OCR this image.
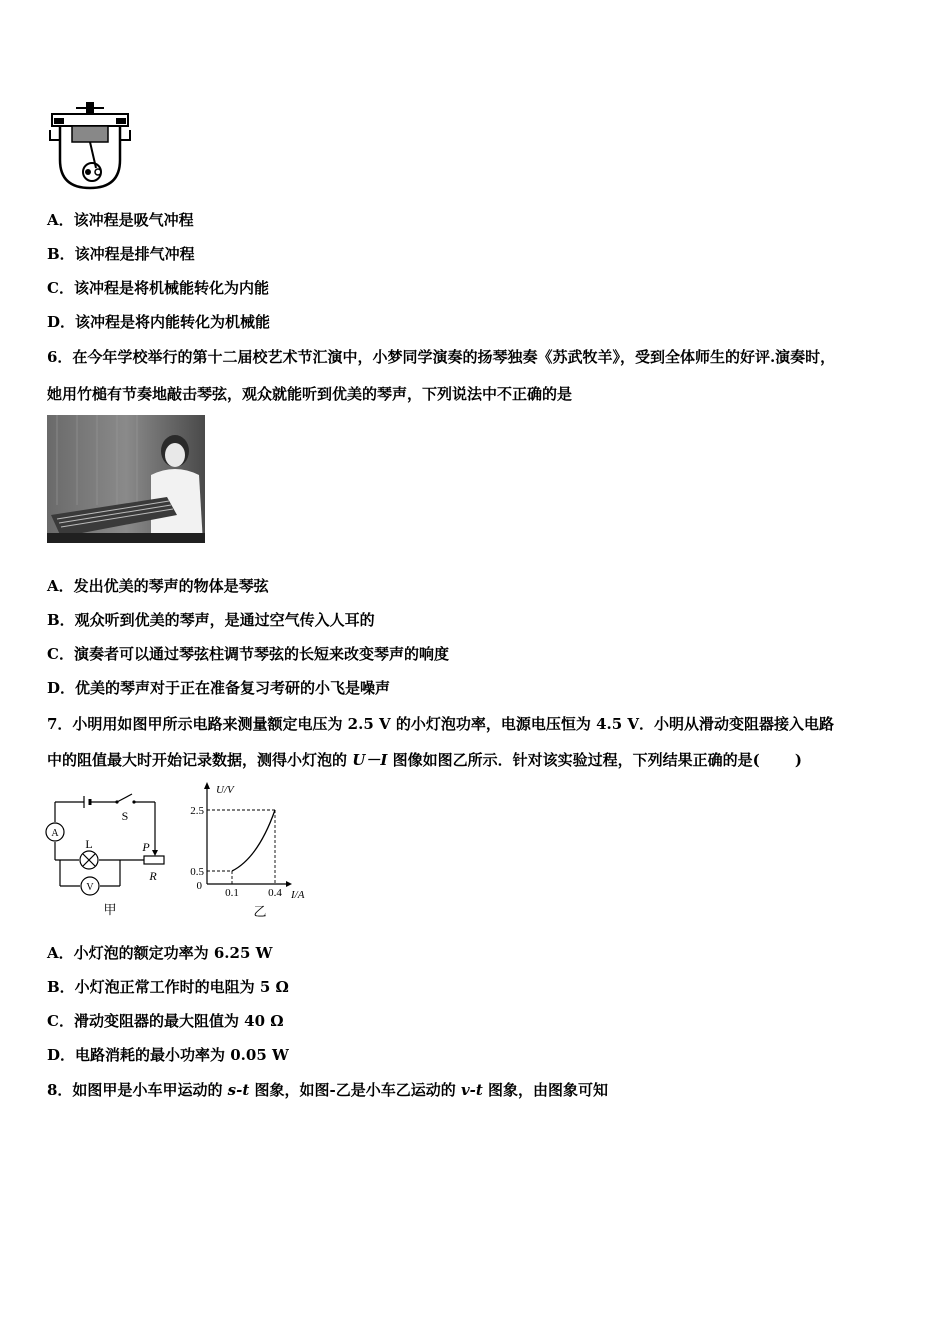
A．该冲程是吸气冲程
B．该冲程是排气冲程
C．该冲程是将机械能转化为内能
D．该冲程是将内能转化为机械能
6．在今年学校举行的第十二届校艺术节汇演中，小梦同学演奏的扬琴独奏《苏武牧羊》，受到全体师生的好评.演奏时，
她用竹槌有节奏地敲击琴弦，观众就能听到优美的琴声，下列说法中不正确的是
A．发出优美的琴声的物体是琴弦
B．观众听到优美的琴声，是通过空气传入人耳的
C．演奏者可以通过琴弦柱调节琴弦的长短来改变琴声的响度
D．优美的琴声对于正在准备复习考研的小飞是噪声
7．小明用如图甲所示电路来测量额定电压为 2.5 V 的小灯泡功率，电源电压恒为 4.5 V．小明从滑动变阻器接入电路
中的阻值最大时开始记录数据，测得小灯泡的 U－I 图像如图乙所示．针对该实验过程，下列结果正确的是(　　 )
A
V
S
L	P
R
甲
U/V
I/A
2.5
0.5
0
0.1	0.4
乙
A．小灯泡的额定功率为 6.25 W
B．小灯泡正常工作时的电阻为 5 Ω
C．滑动变阻器的最大阻值为 40 Ω
D．电路消耗的最小功率为 0.05 W
8．如图甲是小车甲运动的 s-t 图象，如图-乙是小车乙运动的 v-t 图象，由图象可知
